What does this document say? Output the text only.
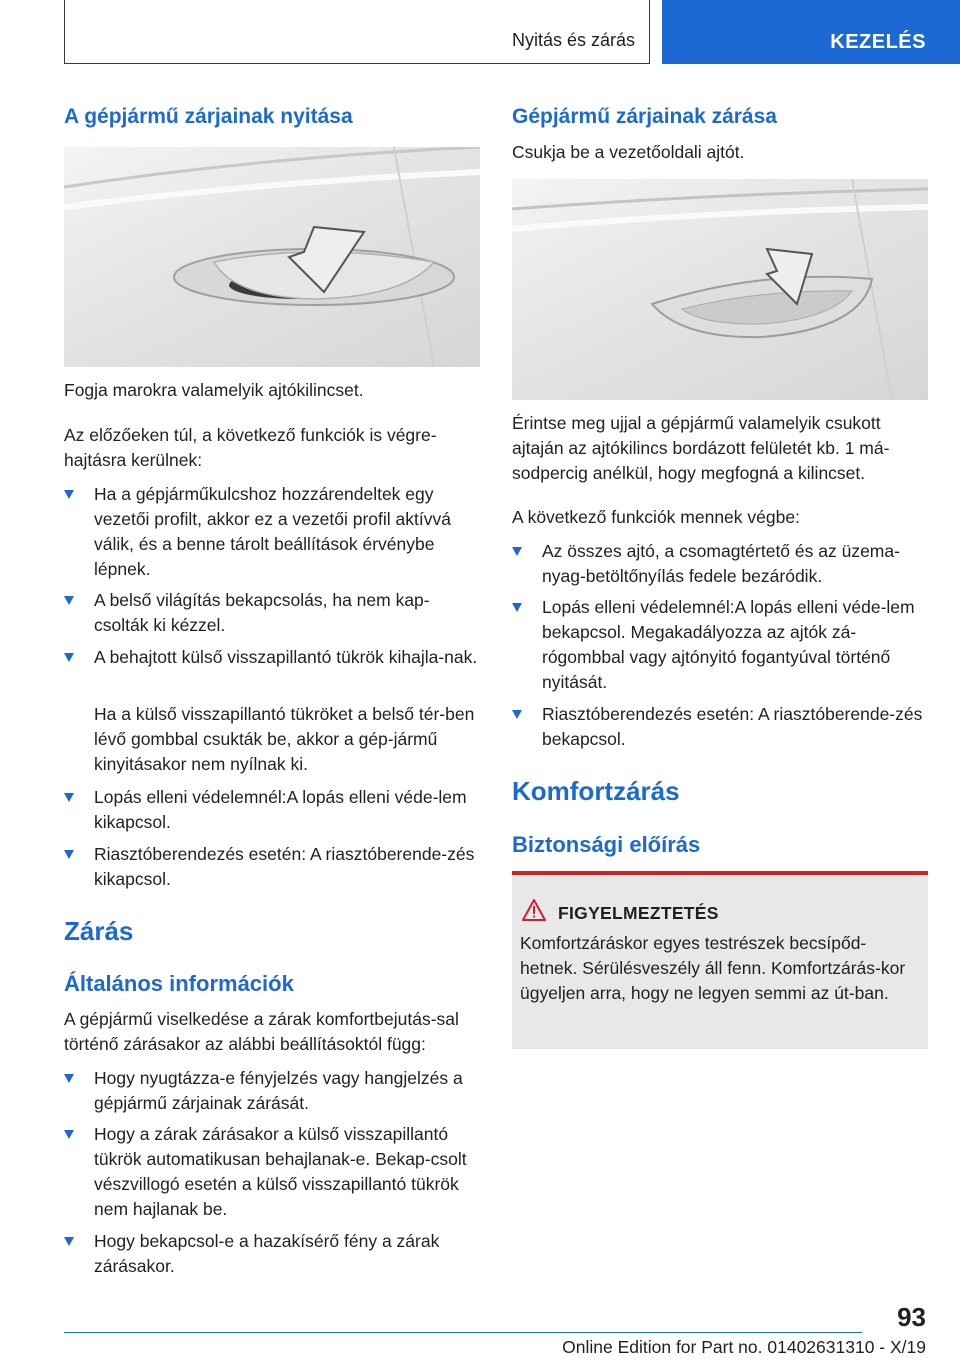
Nyitás és zárás	KEZELÉS
A gépjármű zárjainak nyitása

Fogja marokra valamelyik ajtókilincset.

Az előzőeken túl, a következő funkciók is végre-hajtásra kerülnek:

Ha a gépjárműkulcshoz hozzárendeltek egy vezetői profilt, akkor ez a vezetői profil aktívvá válik, és a benne tárolt beállítások érvénybe lépnek.
A belső világítás bekapcsolás, ha nem kap-csolták ki kézzel.
A behajtott külső visszapillantó tükrök kihajla-nak.
Ha a külső visszapillantó tükröket a belső tér-ben lévő gombbal csukták be, akkor a gép-jármű kinyitásakor nem nyílnak ki.
Lopás elleni védelemnél:A lopás elleni véde-lem kikapcsol.
Riasztóberendezés esetén: A riasztóberende-zés kikapcsol.
Zárás
Általános információk

A gépjármű viselkedése a zárak komfortbejutás-sal történő zárásakor az alábbi beállításoktól függ:

Hogy nyugtázza-e fényjelzés vagy hangjelzés a gépjármű zárjainak zárását.
Hogy a zárak zárásakor a külső visszapillantó tükrök automatikusan behajlanak-e. Bekap-csolt vészvillogó esetén a külső visszapillantó tükrök nem hajlanak be.
Hogy bekapcsol-e a hazakísérő fény a zárak zárásakor.
Gépjármű zárjainak zárása

Csukja be a vezetőoldali ajtót.

Érintse meg ujjal a gépjármű valamelyik csukott ajtaján az ajtókilincs bordázott felületét kb. 1 má-sodpercig anélkül, hogy megfogná a kilincset.

A következő funkciók mennek végbe:

Az összes ajtó, a csomagtértető és az üzema-nyag-betöltőnyílás fedele bezáródik.
Lopás elleni védelemnél:A lopás elleni véde-lem bekapcsol. Megakadályozza az ajtók zá-rógombbal vagy ajtónyitó fogantyúval történő nyitását.
Riasztóberendezés esetén: A riasztóberende-zés bekapcsol.
Komfortzárás
Biztonsági előírás
FIGYELMEZTETÉS
Komfortzáráskor egyes testrészek becsípőd-hetnek. Sérülésveszély áll fenn. Komfortzárás-kor ügyeljen arra, hogy ne legyen semmi az út-ban.
93
Online Edition for Part no. 01402631310 - X/19
